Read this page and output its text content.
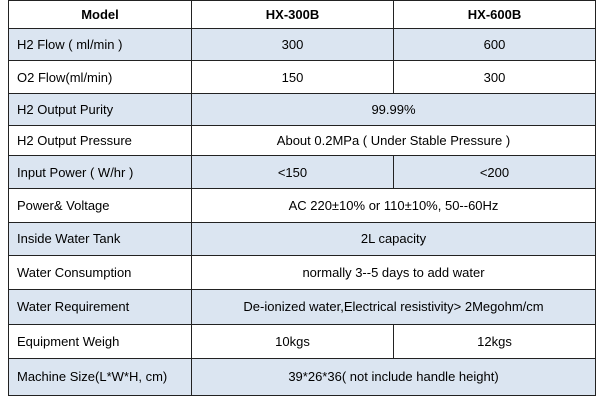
Model	HX-300B	HX-600B
H2 Flow ( ml/min )	300	600
O2 Flow(ml/min)	150	300
H2 Output Purity	99.99%	
H2 Output Pressure	About 0.2MPa ( Under Stable Pressure )	
Input Power ( W/hr )	<150	<200
Power& Voltage	AC 220±10% or 110±10%, 50--60Hz	
Inside Water Tank	2L capacity	
Water Consumption	normally 3--5 days to add water	
Water Requirement	De-ionized water,Electrical resistivity> 2Megohm/cm	
Equipment Weigh	10kgs	12kgs
Machine Size(L*W*H, cm)	39*26*36( not include handle height)	
